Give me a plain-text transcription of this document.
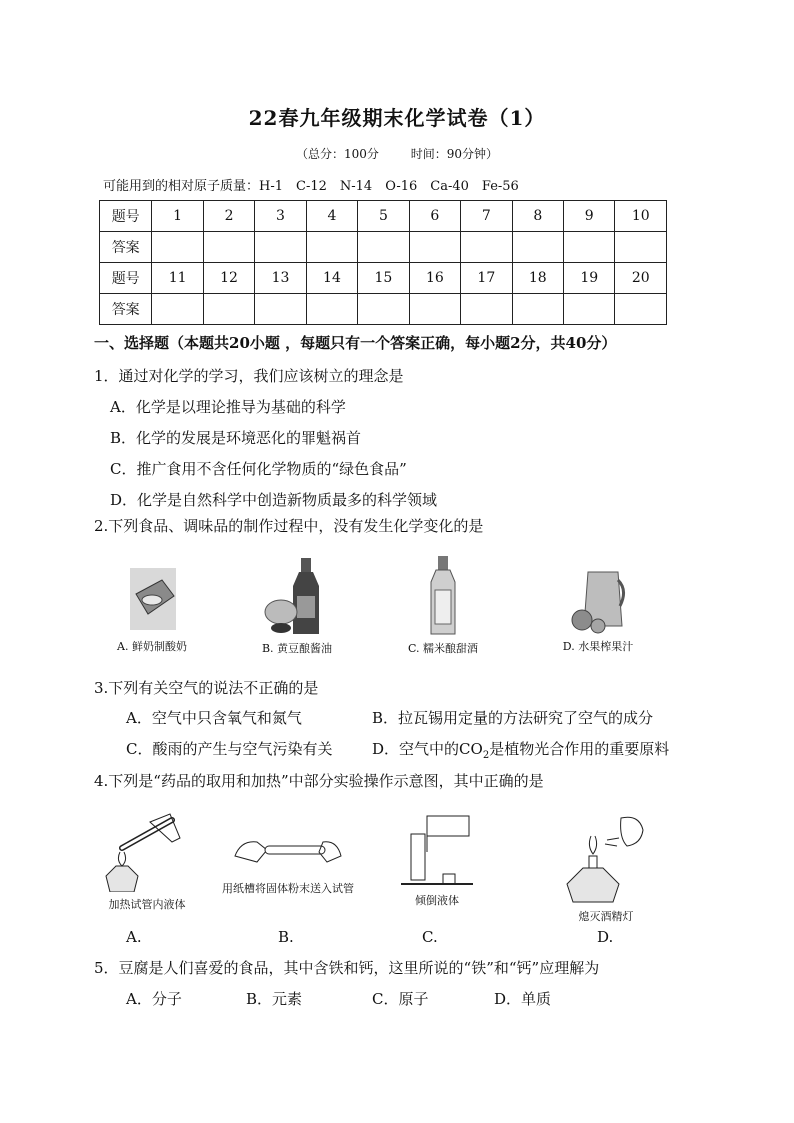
22春九年级期末化学试卷（1）
（总分：100分	时间：90分钟）
可能用到的相对原子质量：H-1　C-12　N-14　O-16　Ca-40　Fe-56
题号	1	2	3	4	5	6	7	8	9	10
答案										
题号	11	12	13	14	15	16	17	18	19	20
答案										
一、选择题（本题共20小题 ，每题只有一个答案正确，每小题2分，共40分）
1．通过对化学的学习，我们应该树立的理念是
A．化学是以理论推导为基础的科学
B．化学的发展是环境恶化的罪魁祸首
C．推广食用不含任何化学物质的“绿色食品”
D．化学是自然科学中创造新物质最多的科学领域
2.下列食品、调味品的制作过程中，没有发生化学变化的是
A. 鲜奶制酸奶	B. 黄豆酿酱油	C. 糯米酿甜酒	D. 水果榨果汁
3.下列有关空气的说法不正确的是
A．空气中只含氧气和氮气	B．拉瓦锡用定量的方法研究了空气的成分
C．酸雨的产生与空气污染有关	D．空气中的$CO_2$是植物光合作用的重要原料
4.下列是“药品的取用和加热”中部分实验操作示意图，其中正确的是
加热试管内液体
用纸槽将固体粉末送入试管
倾倒液体
熄灭酒精灯
A.	B.	C.	D.
5．豆腐是人们喜爱的食品，其中含铁和钙，这里所说的“铁”和“钙”应理解为
A．分子	B．元素	C．原子	D．单质
